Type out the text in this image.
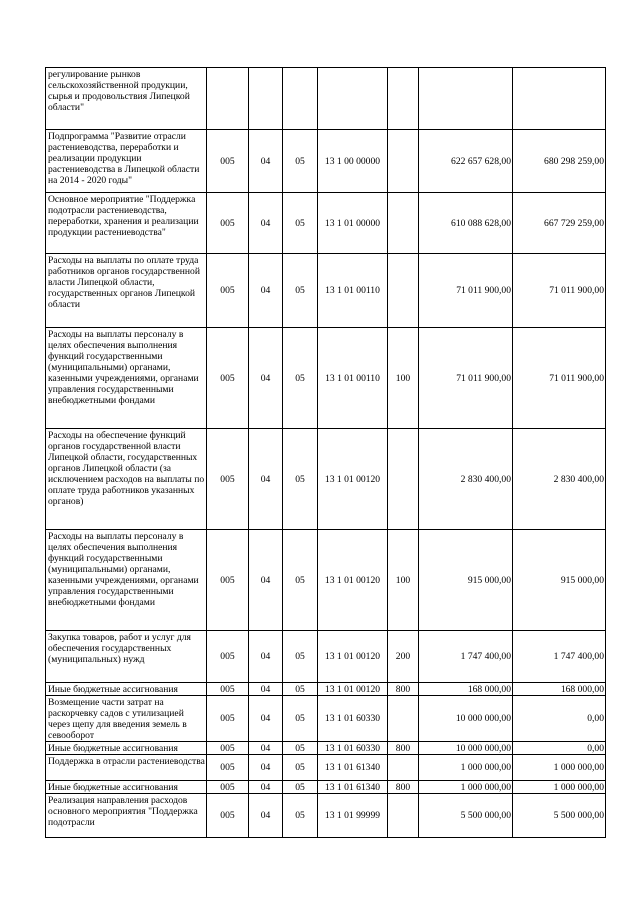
регулирование рынков сельскохозяйственной продукции, сырья и продовольствия Липецкой области"							
Подпрограмма "Развитие отрасли растениеводства, переработки и реализации продукции растениеводства в Липецкой области на 2014 - 2020 годы"	005	04	05	13 1 00 00000		622 657 628,00	680 298 259,00
Основное мероприятие "Поддержка подотрасли растениеводства, переработки, хранения и реализации продукции растениеводства"	005	04	05	13 1 01 00000		610 088 628,00	667 729 259,00
Расходы на выплаты по оплате труда работников органов государственной власти Липецкой области, государственных органов Липецкой области	005	04	05	13 1 01 00110		71 011 900,00	71 011 900,00
Расходы на выплаты персоналу в целях обеспечения выполнения функций государственными (муниципальными) органами, казенными учреждениями, органами управления государственными внебюджетными фондами	005	04	05	13 1 01 00110	100	71 011 900,00	71 011 900,00
Расходы на обеспечение функций органов государственной власти Липецкой области, государственных органов Липецкой области (за исключением расходов на выплаты по оплате труда работников указанных органов)	005	04	05	13 1 01 00120		2 830 400,00	2 830 400,00
Расходы на выплаты персоналу в целях обеспечения выполнения функций государственными (муниципальными) органами, казенными учреждениями, органами управления государственными внебюджетными фондами	005	04	05	13 1 01 00120	100	915 000,00	915 000,00
Закупка товаров, работ и услуг для обеспечения государственных (муниципальных) нужд	005	04	05	13 1 01 00120	200	1 747 400,00	1 747 400,00
Иные бюджетные ассигнования	005	04	05	13 1 01 00120	800	168 000,00	168 000,00
Возмещение части затрат на раскорчевку садов с утилизацией через щепу для введения земель в севооборот	005	04	05	13 1 01 60330		10 000 000,00	0,00
Иные бюджетные ассигнования	005	04	05	13 1 01 60330	800	10 000 000,00	0,00
Поддержка в отрасли растениеводства	005	04	05	13 1 01 61340		1 000 000,00	1 000 000,00
Иные бюджетные ассигнования	005	04	05	13 1 01 61340	800	1 000 000,00	1 000 000,00
Реализация направления расходов основного мероприятия "Поддержка подотрасли	005	04	05	13 1 01 99999		5 500 000,00	5 500 000,00
